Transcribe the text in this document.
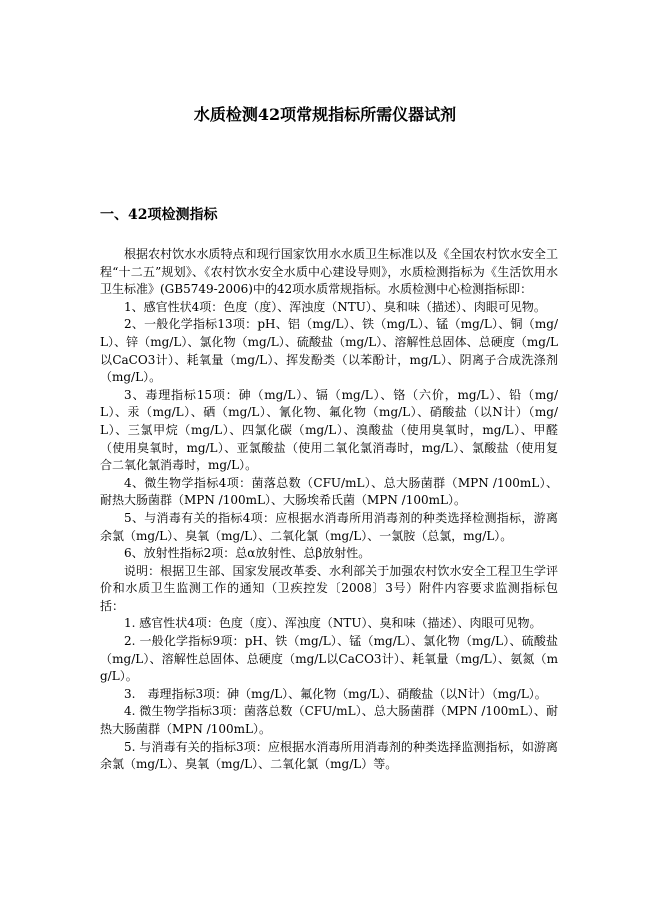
水质检测42项常规指标所需仪器试剂
一、42项检测指标

根据农村饮水水质特点和现行国家饮用水水质卫生标准以及《全国农村饮水安全工程“十二五”规划》、《农村饮水安全水质中心建设导则》，水质检测指标为《生活饮用水卫生标准》(GB5749-2006)中的42项水质常规指标。水质检测中心检测指标即：

1、感官性状4项：色度（度）、浑浊度（NTU）、臭和味（描述）、肉眼可见物。

2、一般化学指标13项：pH、铝（mg/L）、铁（mg/L）、锰（mg/L）、铜（mg/L）、锌（mg/L）、氯化物（mg/L）、硫酸盐（mg/L）、溶解性总固体、总硬度（mg/L以CaCO3计）、耗氧量（mg/L）、挥发酚类（以苯酚计，mg/L）、阴离子合成洗涤剂（mg/L）。

3、毒理指标15项：砷（mg/L）、镉（mg/L）、铬（六价，mg/L）、铅（mg/L）、汞（mg/L）、硒（mg/L）、氰化物、氟化物（mg/L）、硝酸盐（以N计）（mg/L）、三氯甲烷（mg/L）、四氯化碳（mg/L）、溴酸盐（使用臭氧时，mg/L）、甲醛（使用臭氧时，mg/L）、亚氯酸盐（使用二氧化氯消毒时，mg/L）、氯酸盐（使用复合二氧化氯消毒时，mg/L）。

4、微生物学指标4项：菌落总数（CFU/mL）、总大肠菌群（MPN /100mL）、耐热大肠菌群（MPN /100mL）、大肠埃希氏菌（MPN /100mL）。

5、与消毒有关的指标4项：应根据水消毒所用消毒剂的种类选择检测指标，游离余氯（mg/L）、臭氧（mg/L）、二氧化氯（mg/L）、一氯胺（总氯，mg/L）。

6、放射性指标2项：总α放射性、总β放射性。

说明：根据卫生部、国家发展改革委、水利部关于加强农村饮水安全工程卫生学评价和水质卫生监测工作的通知（卫疾控发〔2008〕3号）附件内容要求监测指标包括：

1. 感官性状4项：色度（度）、浑浊度（NTU）、臭和味（描述）、肉眼可见物。

2. 一般化学指标9项：pH、铁（mg/L）、锰（mg/L）、氯化物（mg/L）、硫酸盐（mg/L）、溶解性总固体、总硬度（mg/L以CaCO3计）、耗氧量（mg/L）、氨氮（mg/L）。

3.　毒理指标3项：砷（mg/L）、氟化物（mg/L）、硝酸盐（以N计）（mg/L）。

4. 微生物学指标3项：菌落总数（CFU/mL）、总大肠菌群（MPN /100mL）、耐热大肠菌群（MPN /100mL）。

5. 与消毒有关的指标3项：应根据水消毒所用消毒剂的种类选择监测指标，如游离余氯（mg/L）、臭氧（mg/L）、二氧化氯（mg/L）等。
